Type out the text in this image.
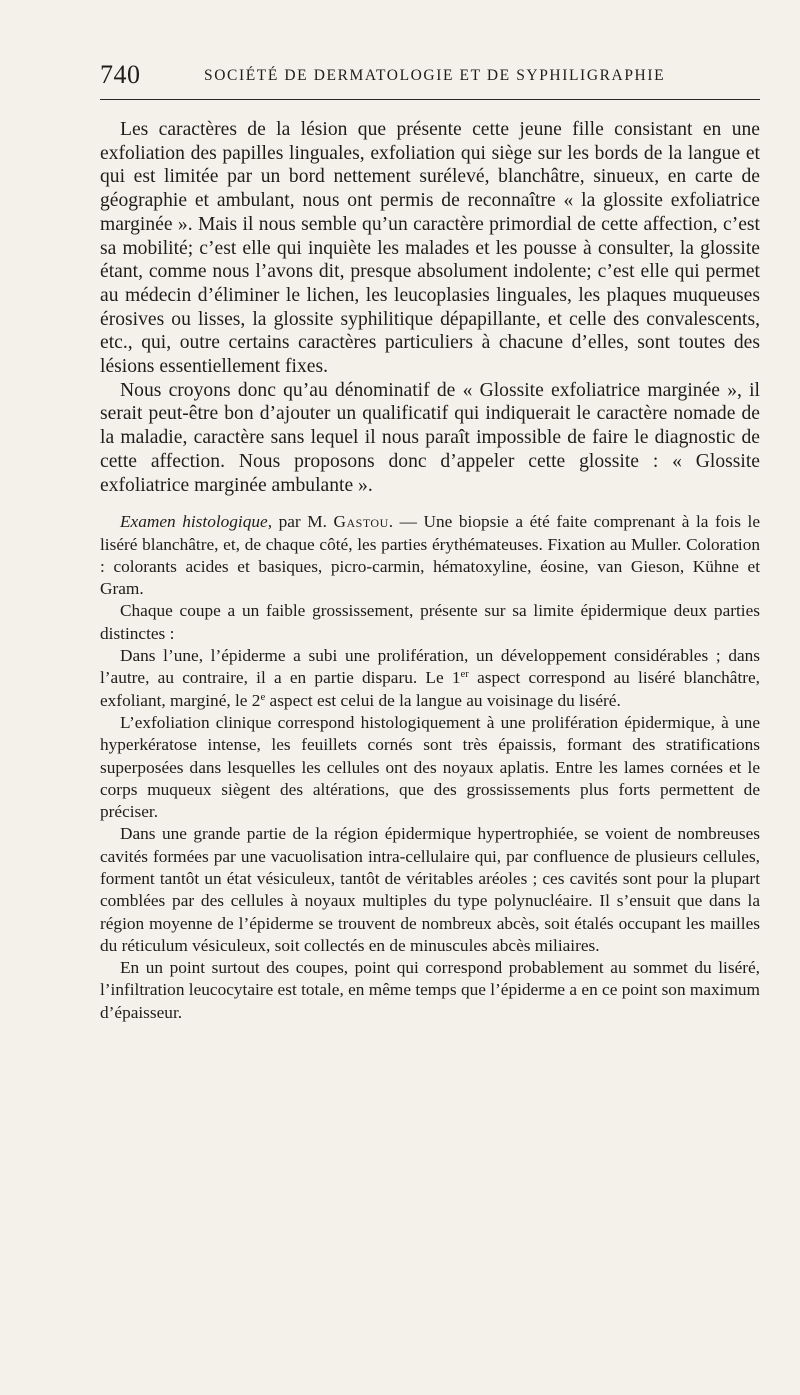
740	SOCIÉTÉ DE DERMATOLOGIE ET DE SYPHILIGRAPHIE

Les caractères de la lésion que présente cette jeune fille consistant en une exfoliation des papilles linguales, exfoliation qui siège sur les bords de la langue et qui est limitée par un bord nettement surélevé, blanchâtre, sinueux, en carte de géographie et ambulant, nous ont permis de reconnaître « la glossite exfoliatrice marginée ». Mais il nous semble qu’un caractère primordial de cette affection, c’est sa mobilité; c’est elle qui inquiète les malades et les pousse à consulter, la glossite étant, comme nous l’avons dit, presque absolument indolente; c’est elle qui permet au médecin d’éliminer le lichen, les leucoplasies linguales, les plaques muqueuses érosives ou lisses, la glossite syphilitique dépapillante, et celle des convalescents, etc., qui, outre certains caractères particuliers à chacune d’elles, sont toutes des lésions essentiellement fixes.

Nous croyons donc qu’au dénominatif de « Glossite exfoliatrice marginée », il serait peut-être bon d’ajouter un qualificatif qui indiquerait le caractère nomade de la maladie, caractère sans lequel il nous paraît impossible de faire le diagnostic de cette affection. Nous proposons donc d’appeler cette glossite : « Glossite exfoliatrice marginée ambulante ».

Examen histologique, par M. Gastou. — Une biopsie a été faite comprenant à la fois le liséré blanchâtre, et, de chaque côté, les parties érythémateuses. Fixation au Muller. Coloration : colorants acides et basiques, picro-carmin, hématoxyline, éosine, van Gieson, Kühne et Gram.

Chaque coupe a un faible grossissement, présente sur sa limite épidermique deux parties distinctes :

Dans l’une, l’épiderme a subi une prolifération, un développement considérables ; dans l’autre, au contraire, il a en partie disparu. Le 1er aspect correspond au liséré blanchâtre, exfoliant, marginé, le 2e aspect est celui de la langue au voisinage du liséré.

L’exfoliation clinique correspond histologiquement à une prolifération épidermique, à une hyperkératose intense, les feuillets cornés sont très épaissis, formant des stratifications superposées dans lesquelles les cellules ont des noyaux aplatis. Entre les lames cornées et le corps muqueux siègent des altérations, que des grossissements plus forts permettent de préciser.

Dans une grande partie de la région épidermique hypertrophiée, se voient de nombreuses cavités formées par une vacuolisation intra-cellulaire qui, par confluence de plusieurs cellules, forment tantôt un état vésiculeux, tantôt de véritables aréoles ; ces cavités sont pour la plupart comblées par des cellules à noyaux multiples du type polynucléaire. Il s’ensuit que dans la région moyenne de l’épiderme se trouvent de nombreux abcès, soit étalés occupant les mailles du réticulum vésiculeux, soit collectés en de minuscules abcès miliaires.

En un point surtout des coupes, point qui correspond probablement au sommet du liséré, l’infiltration leucocytaire est totale, en même temps que l’épiderme a en ce point son maximum d’épaisseur.
